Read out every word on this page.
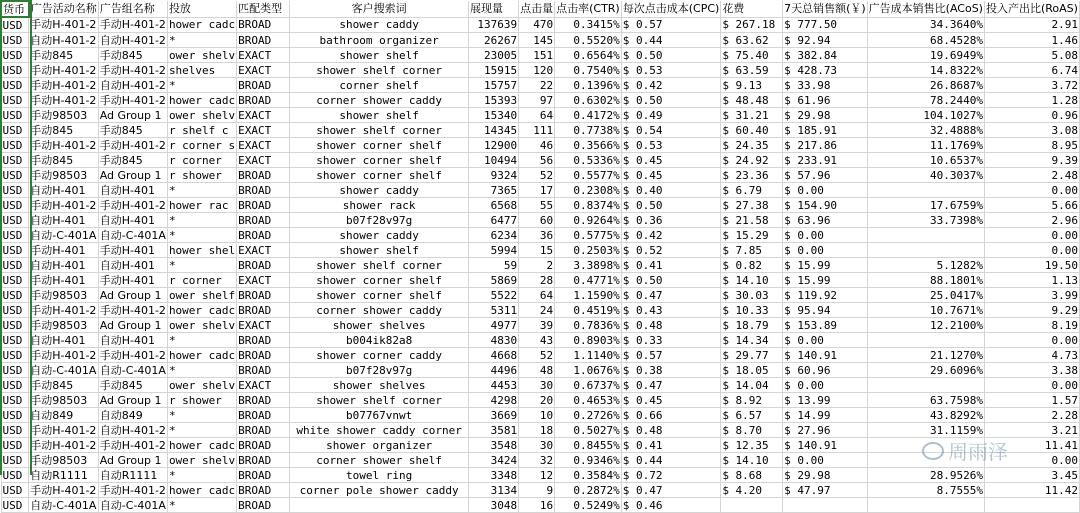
货币	广告活动名称	广告组名称	投放	匹配类型	客户搜索词	展现量	点击量	点击率(CTR)	每次点击成本(CPC)	花费	7天总销售额(￥)	广告成本销售比(ACoS)	投入产出比(RoAS)
USD	手动H-401-2	手动H-401-2	hower cadc	BROAD	shower caddy	137639	470	0.3415%	$ 0.57	$ 267.18	$ 777.50	34.3640%	2.91
USD	自动H-401-2	自动H-401-2	*	BROAD	bathroom organizer	26267	145	0.5520%	$ 0.44	$ 63.62	$ 92.94	68.4528%	1.46
USD	手动845	手动845	ower shelv	EXACT	shower shelf	23005	151	0.6564%	$ 0.50	$ 75.40	$ 382.84	19.6949%	5.08
USD	手动H-401-2	手动H-401-2	shelves	EXACT	shower shelf corner	15915	120	0.7540%	$ 0.53	$ 63.59	$ 428.73	14.8322%	6.74
USD	手动H-401-2	自动H-401-2	*	BROAD	corner shelf	15757	22	0.1396%	$ 0.42	$ 9.13	$ 33.98	26.8687%	3.72
USD	手动H-401-2	手动H-401-2	hower cadc	BROAD	corner shower caddy	15393	97	0.6302%	$ 0.50	$ 48.48	$ 61.96	78.2440%	1.28
USD	手动98503	Ad Group 1	ower shelv	EXACT	shower shelf	15340	64	0.4172%	$ 0.49	$ 31.21	$ 29.98	104.1027%	0.96
USD	手动845	手动845	r shelf c	EXACT	shower shelf corner	14345	111	0.7738%	$ 0.54	$ 60.40	$ 185.91	32.4888%	3.08
USD	手动H-401-2	手动H-401-2	r corner s	EXACT	shower corner shelf	12900	46	0.3566%	$ 0.53	$ 24.35	$ 217.86	11.1769%	8.95
USD	手动845	手动845	r corner	EXACT	shower corner shelf	10494	56	0.5336%	$ 0.45	$ 24.92	$ 233.91	10.6537%	9.39
USD	手动98503	Ad Group 1	r shower	BROAD	shower corner shelf	9324	52	0.5577%	$ 0.45	$ 23.36	$ 57.96	40.3037%	2.48
USD	自动H-401	自动H-401	*	BROAD	shower caddy	7365	17	0.2308%	$ 0.40	$ 6.79	$ 0.00		0.00
USD	手动H-401-2	手动H-401-2	hower rac	BROAD	shower rack	6568	55	0.8374%	$ 0.50	$ 27.38	$ 154.90	17.6759%	5.66
USD	自动H-401	自动H-401	*	BROAD	b07f28v97g	6477	60	0.9264%	$ 0.36	$ 21.58	$ 63.96	33.7398%	2.96
USD	自动-C-401A	自动-C-401A	*	BROAD	shower caddy	6234	36	0.5775%	$ 0.42	$ 15.29	$ 0.00		0.00
USD	手动H-401	手动H-401	hower shel	EXACT	shower shelf	5994	15	0.2503%	$ 0.52	$ 7.85	$ 0.00		0.00
USD	自动H-401	自动H-401	*	BROAD	shower shelf corner	59	2	3.3898%	$ 0.41	$ 0.82	$ 15.99	5.1282%	19.50
USD	手动H-401	手动H-401	r corner	EXACT	shower corner shelf	5869	28	0.4771%	$ 0.50	$ 14.10	$ 15.99	88.1801%	1.13
USD	手动98503	Ad Group 1	ower shelf	BROAD	shower corner shelf	5522	64	1.1590%	$ 0.47	$ 30.03	$ 119.92	25.0417%	3.99
USD	手动H-401-2	手动H-401-2	hower cadc	BROAD	corner shower caddy	5311	24	0.4519%	$ 0.43	$ 10.33	$ 95.94	10.7671%	9.29
USD	手动98503	Ad Group 1	ower shelv	EXACT	shower shelves	4977	39	0.7836%	$ 0.48	$ 18.79	$ 153.89	12.2100%	8.19
USD	自动H-401	自动H-401	*	BROAD	b004ik82a8	4830	43	0.8903%	$ 0.33	$ 14.34	$ 0.00		0.00
USD	手动H-401-2	手动H-401-2	hower cadc	BROAD	shower corner caddy	4668	52	1.1140%	$ 0.57	$ 29.77	$ 140.91	21.1270%	4.73
USD	自动-C-401A	自动-C-401A	*	BROAD	b07f28v97g	4496	48	1.0676%	$ 0.38	$ 18.05	$ 60.96	29.6096%	3.38
USD	手动845	手动845	ower shelv	EXACT	shower shelves	4453	30	0.6737%	$ 0.47	$ 14.04	$ 0.00		0.00
USD	手动98503	Ad Group 1	r shower	BROAD	shower shelf corner	4298	20	0.4653%	$ 0.45	$ 8.92	$ 13.99	63.7598%	1.57
USD	自动849	自动849	*	BROAD	b07767vnwt	3669	10	0.2726%	$ 0.66	$ 6.57	$ 14.99	43.8292%	2.28
USD	手动H-401-2	自动H-401-2	*	BROAD	white shower caddy corner	3581	18	0.5027%	$ 0.48	$ 8.70	$ 27.96	31.1159%	3.21
USD	手动H-401-2	手动H-401-2	hower cadc	BROAD	shower organizer	3548	30	0.8455%	$ 0.41	$ 12.35	$ 140.91		11.41
USD	手动98503	Ad Group 1	ower shelv	BROAD	corner shower shelf	3424	32	0.9346%	$ 0.44	$ 14.10	$ 0.00		0.00
USD	自动R1111	自动R1111	*	BROAD	towel ring	3348	12	0.3584%	$ 0.72	$ 8.68	$ 29.98	28.9526%	3.45
USD	手动H-401-2	手动H-401-2	hower cadc	BROAD	corner pole shower caddy	3134	9	0.2872%	$ 0.47	$ 4.20	$ 47.97	8.7555%	11.42
USD	自动-C-401A	自动-C-401A	*	BROAD		3048	16	0.5249%	$ 0.46				
周雨泽
